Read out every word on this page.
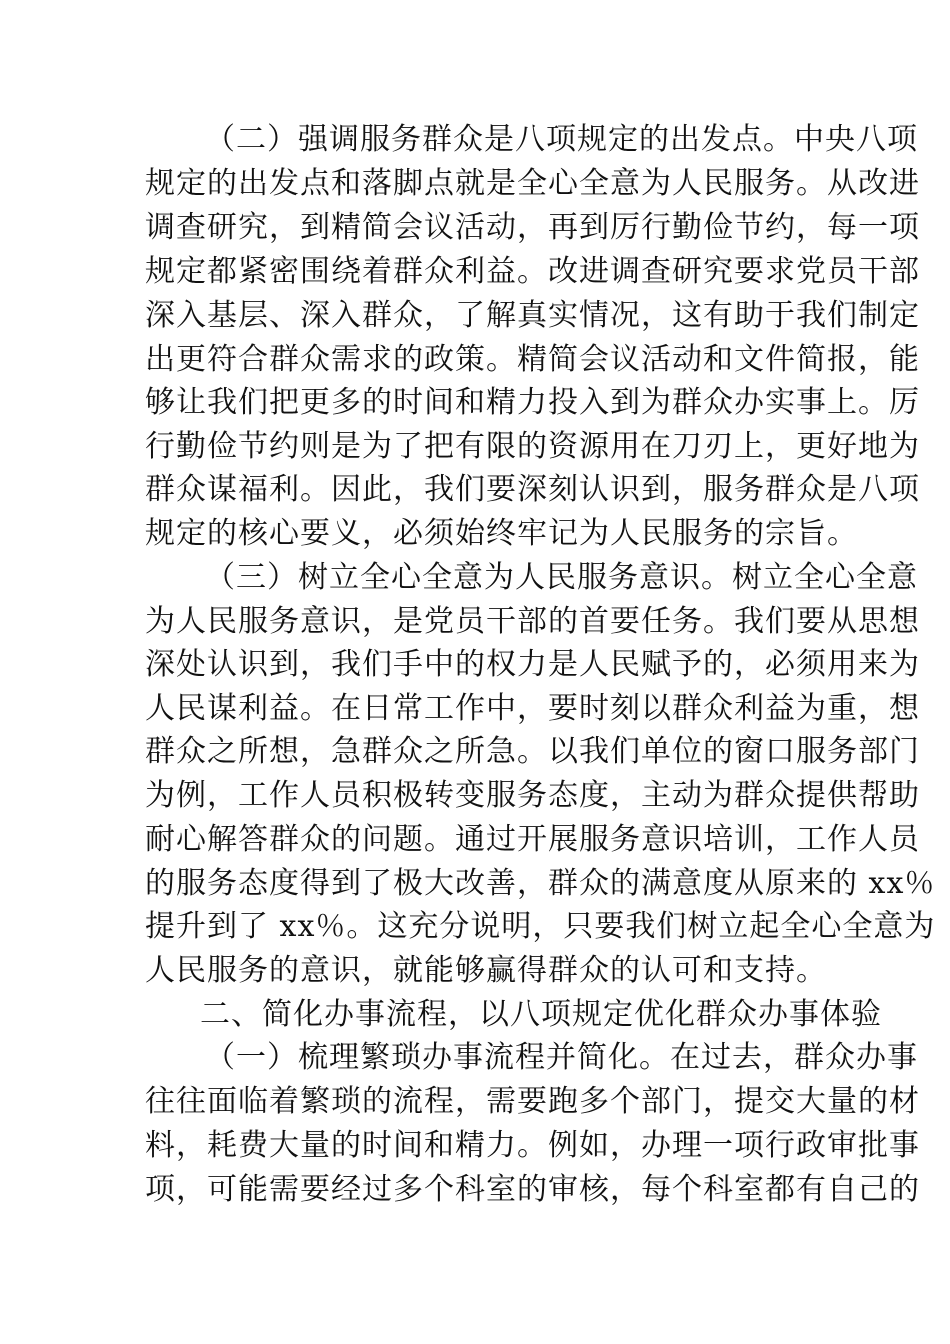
（二）强调服务群众是八项规定的出发点。中央八项
规定的出发点和落脚点就是全心全意为人民服务。从改进
调查研究，到精简会议活动，再到厉行勤俭节约，每一项
规定都紧密围绕着群众利益。改进调查研究要求党员干部
深入基层、深入群众，了解真实情况，这有助于我们制定
出更符合群众需求的政策。精简会议活动和文件简报，能
够让我们把更多的时间和精力投入到为群众办实事上。厉
行勤俭节约则是为了把有限的资源用在刀刃上，更好地为
群众谋福利。因此，我们要深刻认识到，服务群众是八项
规定的核心要义，必须始终牢记为人民服务的宗旨。
（三）树立全心全意为人民服务意识。树立全心全意
为人民服务意识，是党员干部的首要任务。我们要从思想
深处认识到，我们手中的权力是人民赋予的，必须用来为
人民谋利益。在日常工作中，要时刻以群众利益为重，想
群众之所想，急群众之所急。以我们单位的窗口服务部门
为例，工作人员积极转变服务态度，主动为群众提供帮助
耐心解答群众的问题。通过开展服务意识培训，工作人员
的服务态度得到了极大改善，群众的满意度从原来的 xx％
提升到了 xx％。这充分说明，只要我们树立起全心全意为
人民服务的意识，就能够赢得群众的认可和支持。
二、简化办事流程，以八项规定优化群众办事体验
（一）梳理繁琐办事流程并简化。在过去，群众办事
往往面临着繁琐的流程，需要跑多个部门，提交大量的材
料，耗费大量的时间和精力。例如，办理一项行政审批事
项，可能需要经过多个科室的审核，每个科室都有自己的
